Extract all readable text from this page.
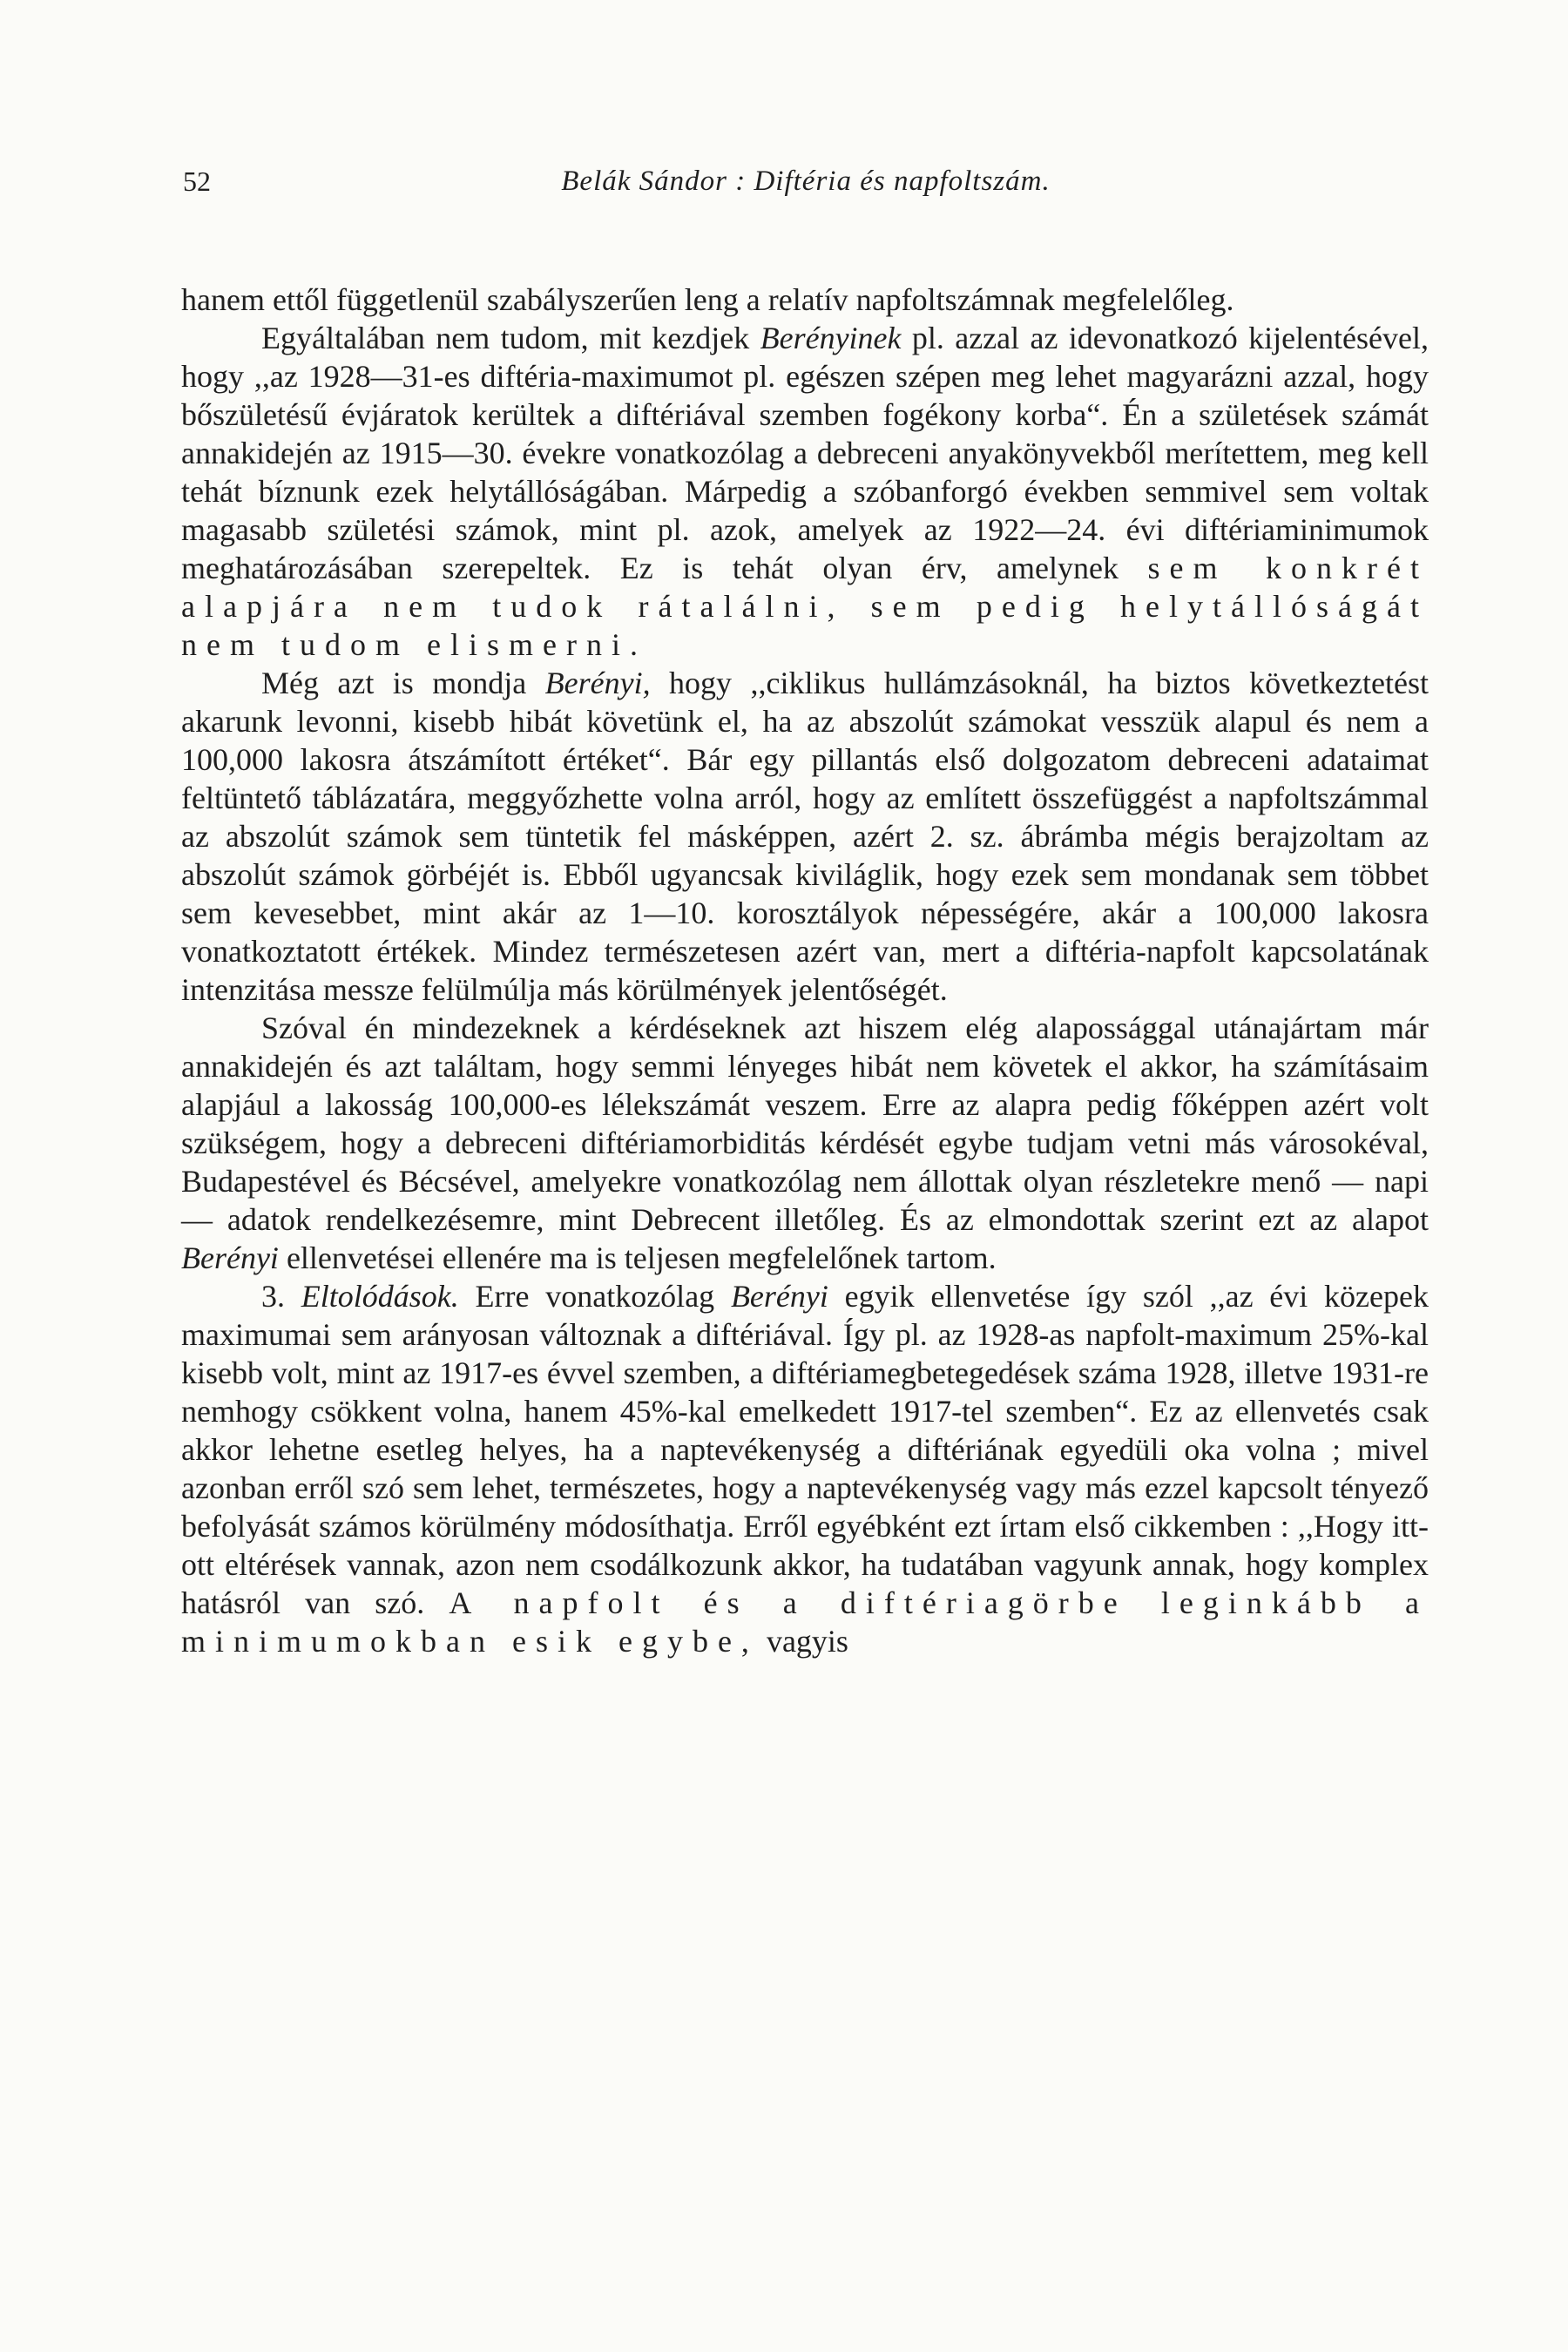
52	Belák Sándor : Diftéria és napfoltszám.

hanem ettől függetlenül szabályszerűen leng a relatív napfoltszámnak megfelelőleg.

Egyáltalában nem tudom, mit kezdjek Berényinek pl. azzal az idevonatkozó kijelentésével, hogy ,,az 1928—31-es diftéria-maximumot pl. egészen szépen meg lehet magyarázni azzal, hogy bőszületésű évjáratok kerültek a diftériával szemben fogékony korba“. Én a születések számát annakidején az 1915—30. évekre vonatkozólag a debreceni anyakönyvekből merítettem, meg kell tehát bíznunk ezek helytállóságában. Márpedig a szóbanforgó években semmivel sem voltak magasabb születési számok, mint pl. azok, amelyek az 1922—24. évi diftériaminimumok meghatározásában szerepeltek. Ez is tehát olyan érv, amelynek sem konkrét alapjára nem tudok rátalálni, sem pedig helytállóságát nem tudom elismerni.

Még azt is mondja Berényi, hogy ,,ciklikus hullámzásoknál, ha biztos következtetést akarunk levonni, kisebb hibát követünk el, ha az abszolút számokat vesszük alapul és nem a 100,000 lakosra átszámított értéket“. Bár egy pillantás első dolgozatom debreceni adataimat feltüntető táblázatára, meggyőzhette volna arról, hogy az említett összefüggést a napfoltszámmal az abszolút számok sem tüntetik fel másképpen, azért 2. sz. ábrámba mégis berajzoltam az abszolút számok görbéjét is. Ebből ugyancsak kiviláglik, hogy ezek sem mondanak sem többet sem kevesebbet, mint akár az 1—10. korosztályok népességére, akár a 100,000 lakosra vonatkoztatott értékek. Mindez természetesen azért van, mert a diftéria-napfolt kapcsolatának intenzitása messze felülmúlja más körülmények jelentőségét.

Szóval én mindezeknek a kérdéseknek azt hiszem elég alapossággal utánajártam már annakidején és azt találtam, hogy semmi lényeges hibát nem követek el akkor, ha számításaim alapjául a lakosság 100,000-es lélekszámát veszem. Erre az alapra pedig főképpen azért volt szükségem, hogy a debreceni diftériamorbiditás kérdését egybe tudjam vetni más városokéval, Budapestével és Bécsével, amelyekre vonatkozólag nem állottak olyan részletekre menő — napi — adatok rendelkezésemre, mint Debrecent illetőleg. És az elmondottak szerint ezt az alapot Berényi ellenvetései ellenére ma is teljesen megfelelőnek tartom.

3. Eltolódások. Erre vonatkozólag Berényi egyik ellenvetése így szól ,,az évi közepek maximumai sem arányosan változnak a diftériával. Így pl. az 1928-as napfolt-maximum 25%-kal kisebb volt, mint az 1917-es évvel szemben, a diftériamegbetegedések száma 1928, illetve 1931-re nemhogy csökkent volna, hanem 45%-kal emelkedett 1917-tel szemben“. Ez az ellenvetés csak akkor lehetne esetleg helyes, ha a naptevékenység a diftériának egyedüli oka volna ; mivel azonban erről szó sem lehet, természetes, hogy a naptevékenység vagy más ezzel kapcsolt tényező befolyását számos körülmény módosíthatja. Erről egyébként ezt írtam első cikkemben : ,,Hogy itt-ott eltérések vannak, azon nem csodálkozunk akkor, ha tudatában vagyunk annak, hogy komplex hatásról van szó. A napfolt és a diftériagörbe leginkább a minimumokban esik egybe, vagyis
